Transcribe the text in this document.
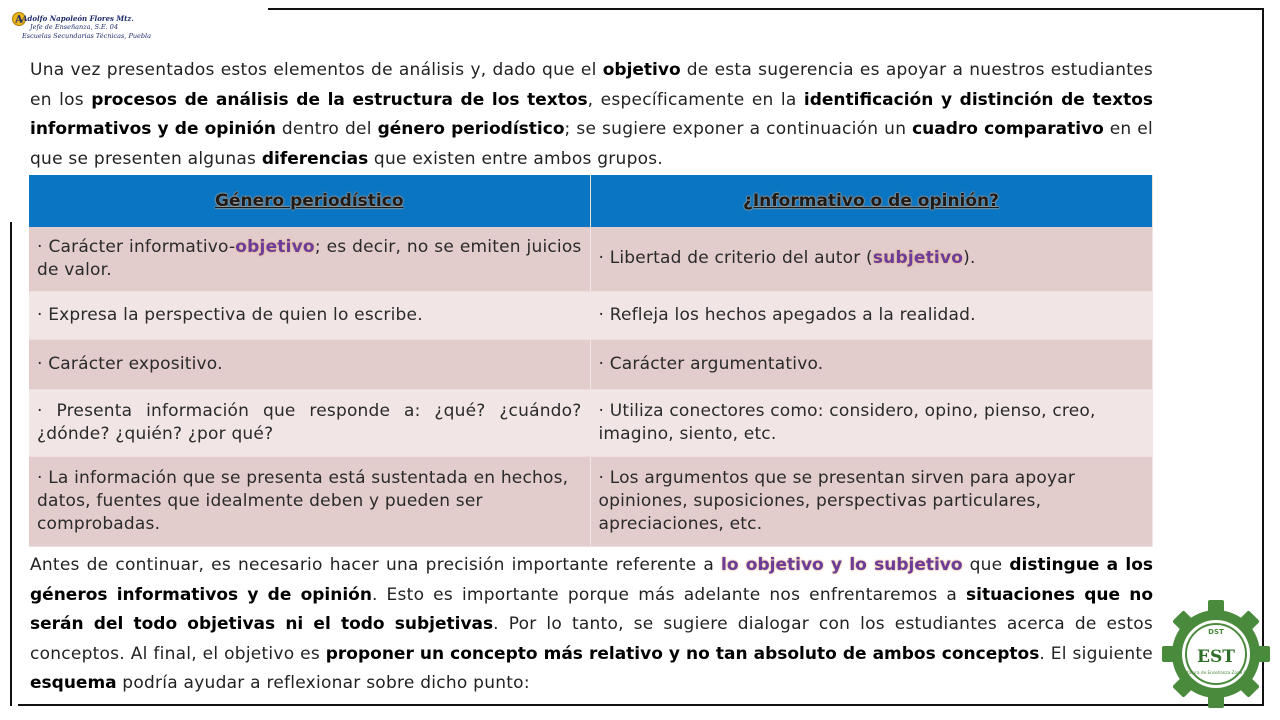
A Adolfo Napoleón Flores Mtz.
Jefe de Enseñanza, S.E. 04
Escuelas Secundarias Técnicas, Puebla

Una vez presentados estos elementos de análisis y, dado que el objetivo de esta sugerencia es apoyar a nuestros estudiantes en los procesos de análisis de la estructura de los textos, específicamente en la identificación y distinción de textos informativos y de opinión dentro del género periodístico; se sugiere exponer a continuación un cuadro comparativo en el que se presenten algunas diferencias que existen entre ambos grupos.

Género periodístico	¿Informativo o de opinión?
· Carácter informativo-objetivo; es decir, no se emiten juicios de valor.	· Libertad de criterio del autor (subjetivo).
· Expresa la perspectiva de quien lo escribe.	· Refleja los hechos apegados a la realidad.
· Carácter expositivo.	· Carácter argumentativo.
· Presenta información que responde a: ¿qué? ¿cuándo? ¿dónde? ¿quién? ¿por qué?	· Utiliza conectores como: considero, opino, pienso, creo, imagino, siento, etc.
· La información que se presenta está sustentada en hechos, datos, fuentes que idealmente deben y pueden ser comprobadas.	· Los argumentos que se presentan sirven para apoyar opiniones, suposiciones, perspectivas particulares, apreciaciones, etc.

Antes de continuar, es necesario hacer una precisión importante referente a lo objetivo y lo subjetivo que distingue a los géneros informativos y de opinión. Esto es importante porque más adelante nos enfrentaremos a situaciones que no serán del todo objetivas ni el todo subjetivas. Por lo tanto, se sugiere dialogar con los estudiantes acerca de estos conceptos. Al final, el objetivo es proponer un concepto más relativo y no tan absoluto de ambos conceptos. El siguiente esquema podría ayudar a reflexionar sobre dicho punto:

DST
EST
Jefatura de Enseñanza Zona 04
